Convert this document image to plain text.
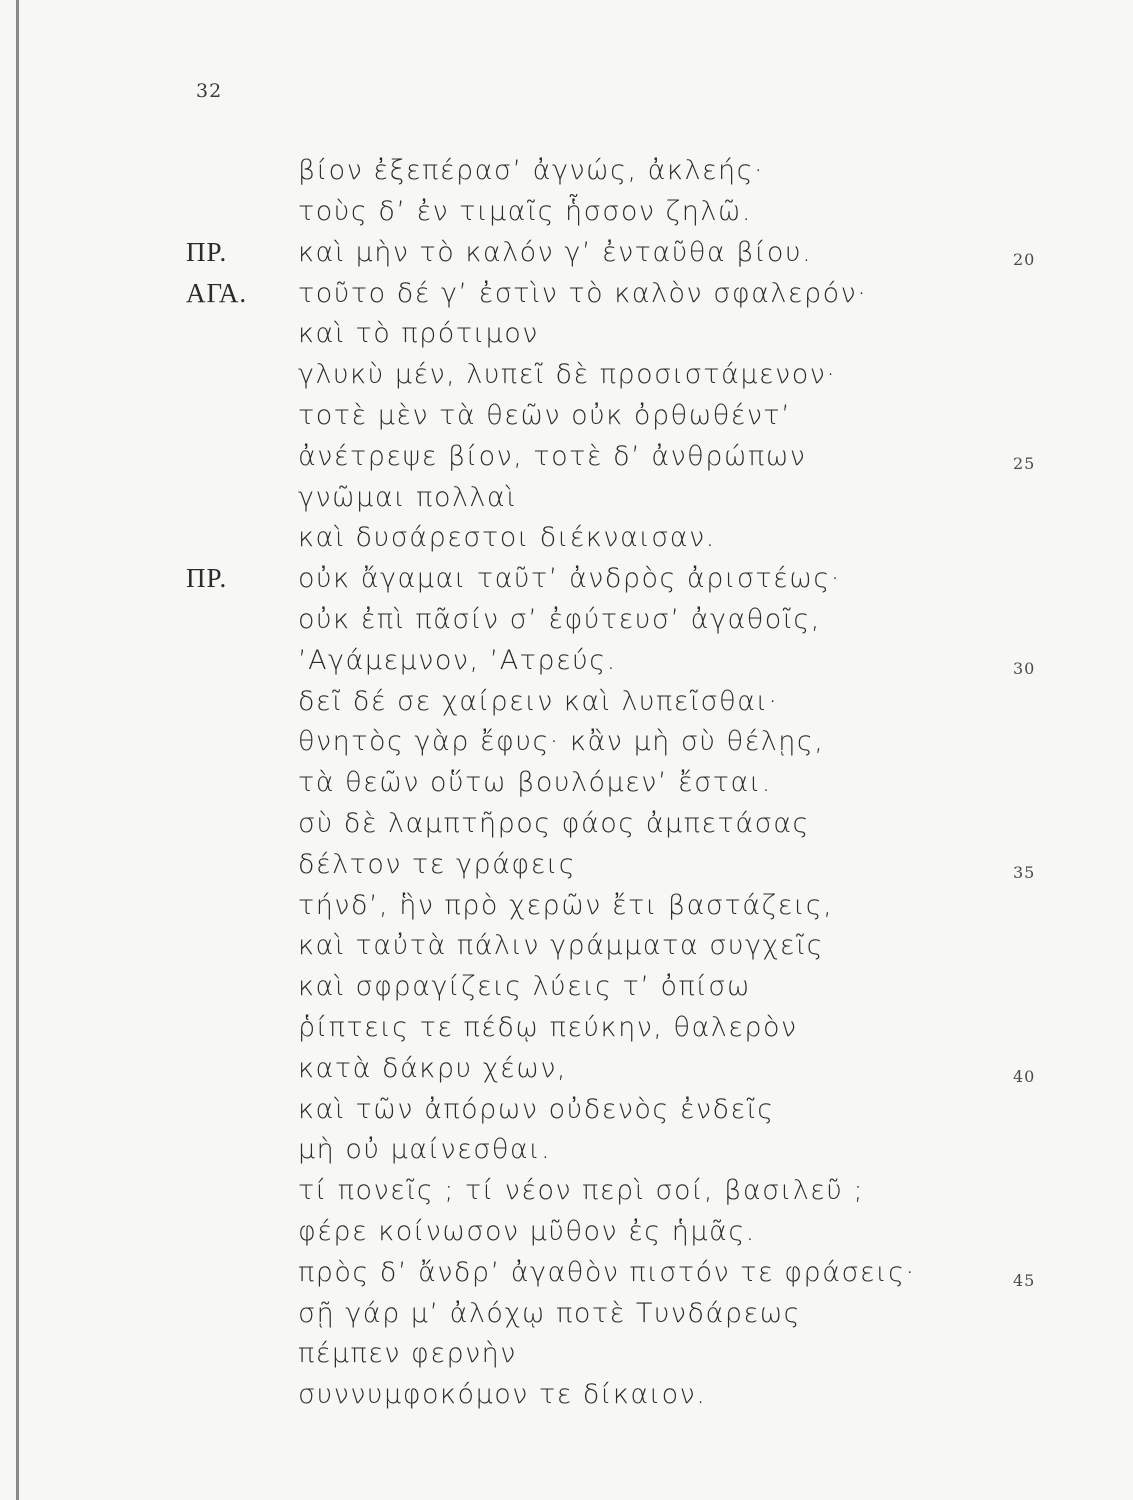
32
ΠΡ.
ΑΓΑ.
ΠΡ.
20
25
30
35
40
45
βίον ἐξεπέρασ’ ἀγνώς, ἀκλεής·
τοὺς δ’ ἐν τιμαῖς ἧσσον ζηλῶ.
καὶ μὴν τὸ καλόν γ’ ἐνταῦθα βίου.
τοῦτο δέ γ’ ἐστὶν τὸ καλὸν σφαλερόν·
καὶ τὸ πρότιμον
γλυκὺ μέν, λυπεῖ δὲ προσιστάμενον·
τοτὲ μὲν τὰ θεῶν οὐκ ὀρθωθέντ’
ἀνέτρεψε βίον, τοτὲ δ’ ἀνθρώπων
γνῶμαι πολλαὶ
καὶ δυσάρεστοι διέκναισαν.
οὐκ ἄγαμαι ταῦτ’ ἀνδρὸς ἀριστέως·
οὐκ ἐπὶ πᾶσίν σ’ ἐφύτευσ’ ἀγαθοῖς,
’Αγάμεμνον, ’Ατρεύς.
δεῖ δέ σε χαίρειν καὶ λυπεῖσθαι·
θνητὸς γὰρ ἔφυς· κἂν μὴ σὺ θέλῃς,
τὰ θεῶν οὕτω βουλόμεν’ ἔσται.
σὺ δὲ λαμπτῆρος φάος ἀμπετάσας
δέλτον τε γράφεις
τήνδ’, ἣν πρὸ χερῶν ἔτι βαστάζεις,
καὶ ταὐτὰ πάλιν γράμματα συγχεῖς
καὶ σφραγίζεις λύεις τ’ ὀπίσω
ῥίπτεις τε πέδῳ πεύκην, θαλερὸν
κατὰ δάκρυ χέων,
καὶ τῶν ἀπόρων οὐδενὸς ἐνδεῖς
μὴ οὐ μαίνεσθαι.
τί πονεῖς ; τί νέον περὶ σοί, βασιλεῦ ;
φέρε κοίνωσον μῦθον ἐς ἡμᾶς.
πρὸς δ’ ἄνδρ’ ἀγαθὸν πιστόν τε φράσεις·
σῇ γάρ μ’ ἀλόχῳ ποτὲ Τυνδάρεως
πέμπεν φερνὴν
συννυμφοκόμον τε δίκαιον.
